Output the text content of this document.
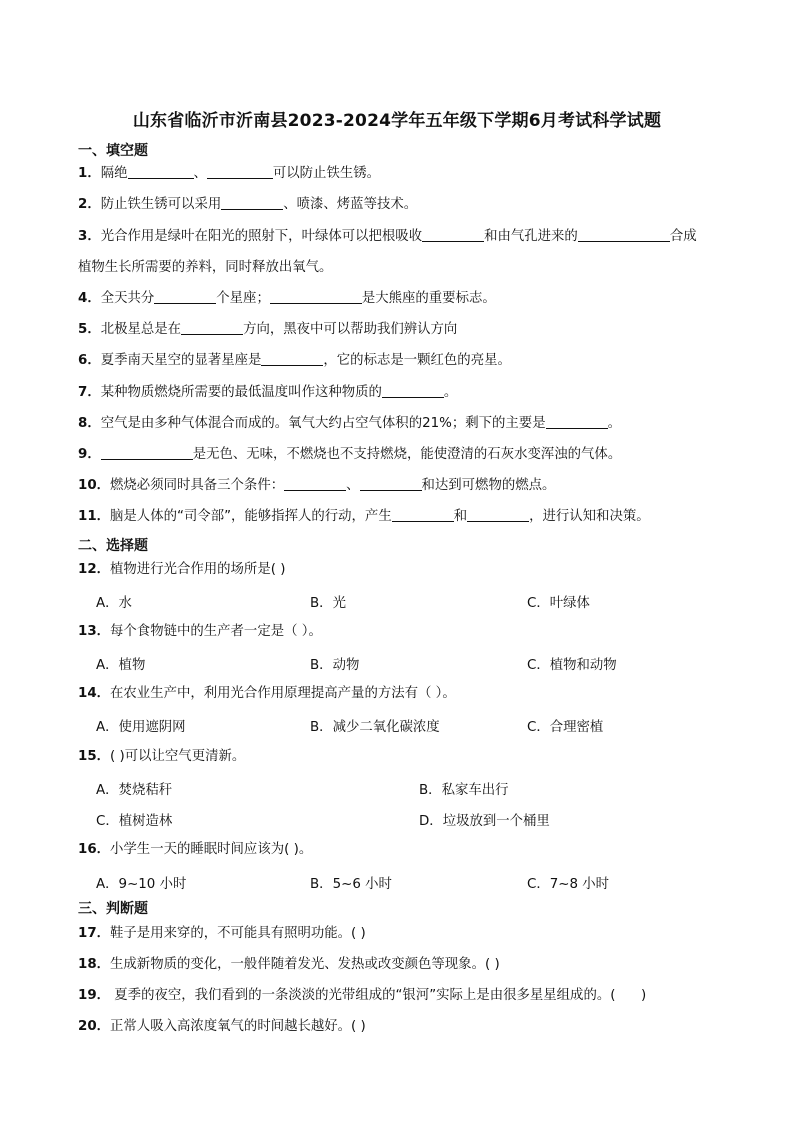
山东省临沂市沂南县2023-2024学年五年级下学期6月考试科学试题
一、填空题
1．隔绝	、	可以防止铁生锈。
2．防止铁生锈可以采用	、喷漆、烤蓝等技术。
3．光合作用是绿叶在阳光的照射下，叶绿体可以把根吸收	和由气孔进来的	合成
植物生长所需要的养料，同时释放出氧气。
4．全天共分	个星座；	是大熊座的重要标志。
5．北极星总是在	方向，黑夜中可以帮助我们辨认方向
6．夏季南天星空的显著星座是	，它的标志是一颗红色的亮星。
7．某种物质燃烧所需要的最低温度叫作这种物质的	。
8．空气是由多种气体混合而成的。氧气大约占空气体积的21%；剩下的主要是	。
9．	是无色、无味，不燃烧也不支持燃烧，能使澄清的石灰水变浑浊的气体。
10．燃烧必须同时具备三个条件：	、	和达到可燃物的燃点。
11．脑是人体的“司令部”，能够指挥人的行动，产生	和	，进行认知和决策。
二、选择题
12．植物进行光合作用的场所是( )
A．水	B．光	C．叶绿体
13．每个食物链中的生产者一定是（ ）。
A．植物	B．动物	C．植物和动物
14．在农业生产中，利用光合作用原理提高产量的方法有（ ）。
A．使用遮阴网	B．减少二氧化碳浓度	C．合理密植
15．( )可以让空气更清新。
A．焚烧秸秆	B．私家车出行
C．植树造林	D．垃圾放到一个桶里
16．小学生一天的睡眠时间应该为( )。
A．9~10 小时	B．5~6 小时	C．7~8 小时
三、判断题
17．鞋子是用来穿的，不可能具有照明功能。( )
18．生成新物质的变化，一般伴随着发光、发热或改变颜色等现象。( )
19． 夏季的夜空，我们看到的一条淡淡的光带组成的“银河”实际上是由很多星星组成的。(      )
20．正常人吸入高浓度氧气的时间越长越好。( )
